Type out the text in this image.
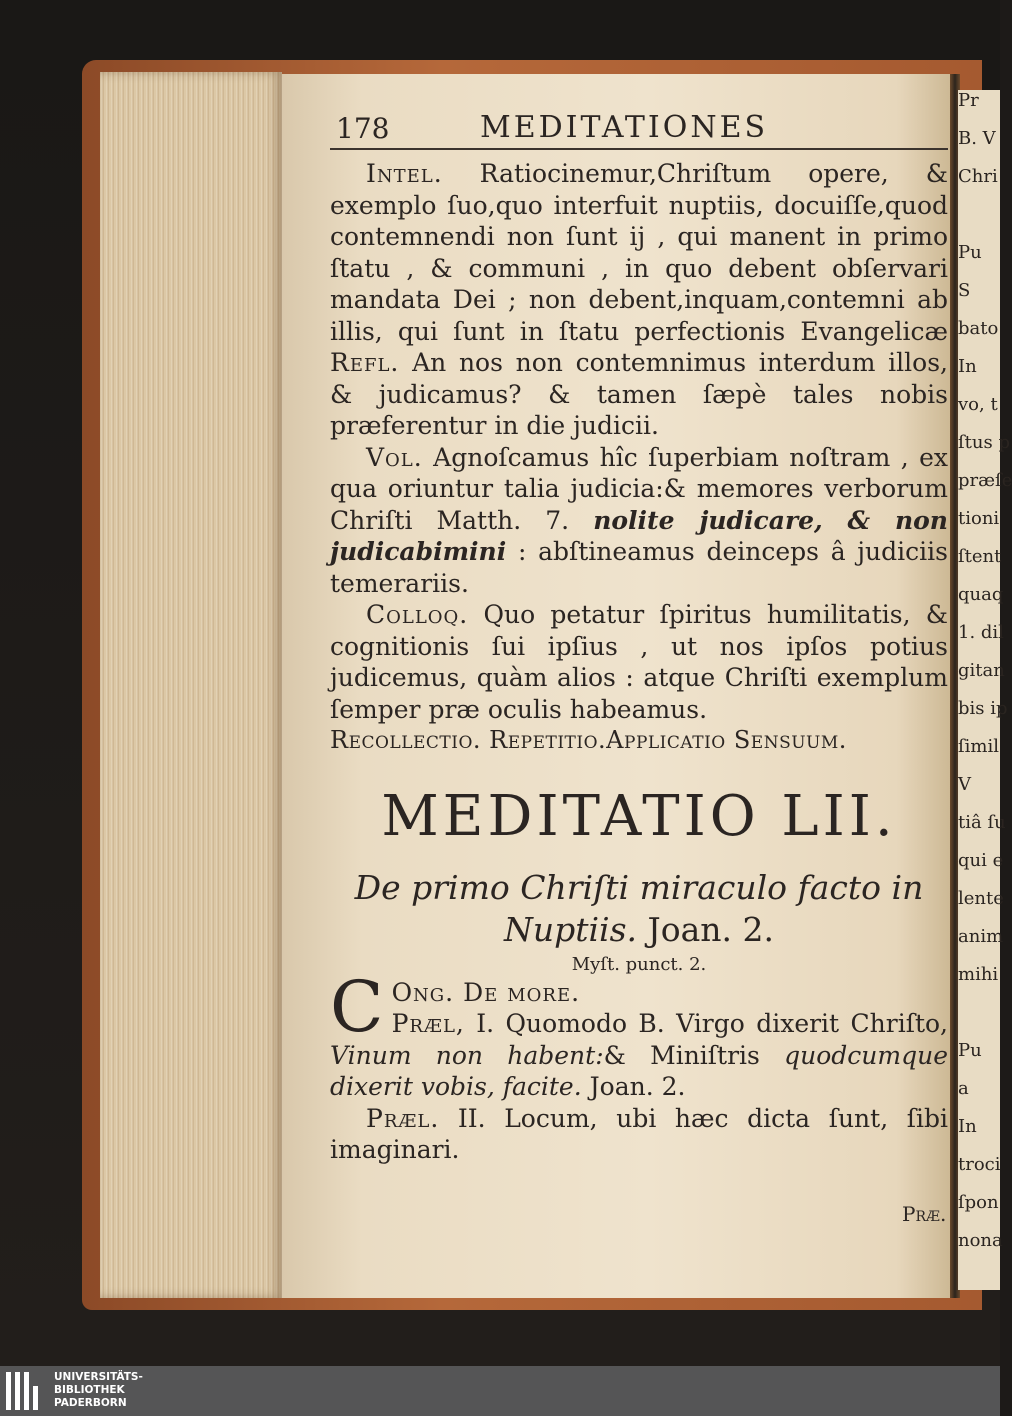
Pr
B. V
Chri
Pu
S
bato
In
vo, t
ſtus p
præſe
tioni
ſtent
quaq
1. dil
gitan
bis ip
ſimil
V
tiâ ſu
qui e
lente
anim
mihi
Pu
a
In
troci
ſpon
nona
178	MEDITATIONES

Intel. Ratiocinemur,Chriſtum opere, & exemplo ſuo,quo interfuit nuptiis, docuiſſe,quod contemnendi non ſunt ij , qui manent in primo ſtatu , & communi , in quo debent obſervari mandata Dei ; non debent,inquam,contemni ab illis, qui ſunt in ſtatu perfectionis Evangelicæ Refl. An nos non contemnimus interdum illos, & judicamus? & tamen ſæpè tales nobis præferentur in die judicii.

Vol. Agnoſcamus hîc ſuperbiam noſtram , ex qua oriuntur talia judicia:& memores verborum Chriſti Matth. 7. nolite judicare, & non judicabimini : abſtineamus deinceps â judiciis temerariis.

Colloq. Quo petatur ſpiritus humilitatis, & cognitionis ſui ipſius , ut nos ipſos potius judicemus, quàm alios : atque Chriſti exemplum ſemper præ oculis habeamus.

Recollectio. Repetitio.Applicatio Sensuum.

MEDITATIO LII.
De primo Chriſti miraculo facto in Nuptiis. Joan. 2.
Myſt. punct. 2.

C Ong. De more.
Præl, I. Quomodo B. Virgo dixerit Chriſto, Vinum non habent:& Miniſtris quodcumque dixerit vobis, facite. Joan. 2.

Præl. II. Locum, ubi hæc dicta ſunt, ſibi imaginari.

Præ.
UNIVERSITÄTS-
BIBLIOTHEK
PADERBORN
